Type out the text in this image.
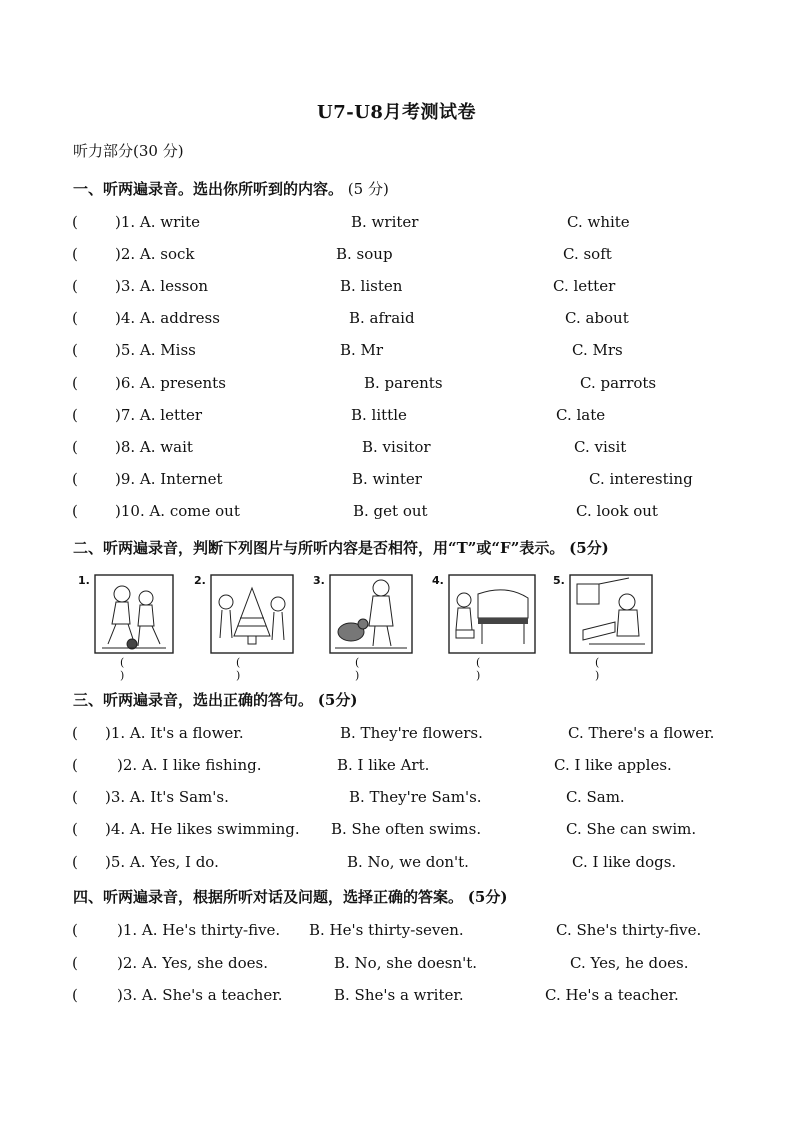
U7-U8月考测试卷
听力部分(30 分)
一、听两遍录音。选出你所听到的内容。 (5 分)
( )1. A. write	B. writer	C. white
( )2. A. sock	B. soup	C. soft
( )3. A. lesson	B. listen	C. letter
( )4. A. address	B. afraid	C. about
( )5. A. Miss	B. Mr	C. Mrs
( )6. A. presents	B. parents	C. parrots
( )7. A. letter	B. little	C. late
( )8. A. wait	B. visitor	C. visit
( )9. A. Internet	B. winter	C. interesting
( )10. A. come out	B. get out	C. look out
二、听两遍录音，判断下列图片与所听内容是否相符，用“T”或“F”表示。 (5分)
1.
( )
2.
( )
3.
( )
4.
( )
5.
( )
三、听两遍录音，选出正确的答句。 (5分)
( )1. A. It's a flower.	B. They're flowers.	C. There's a flower.
(	)2. A. I like fishing.	B. I like Art.	C. I like apples.
( )3. A. It's Sam's.	B. They're Sam's.	C. Sam.
( )4. A. He likes swimming. B. She often swims.	C. She can swim.
( )5. A. Yes, I do.	B. No, we don't.	C. I like dogs.
四、听两遍录音，根据所听对话及问题，选择正确的答案。 (5分)
(	)1. A. He's thirty-five. B. He's thirty-seven.	C. She's thirty-five.
(	)2. A. Yes, she does.	B. No, she doesn't.	C. Yes, he does.
(	)3. A. She's a teacher.	B. She's a writer.	C. He's a teacher.
